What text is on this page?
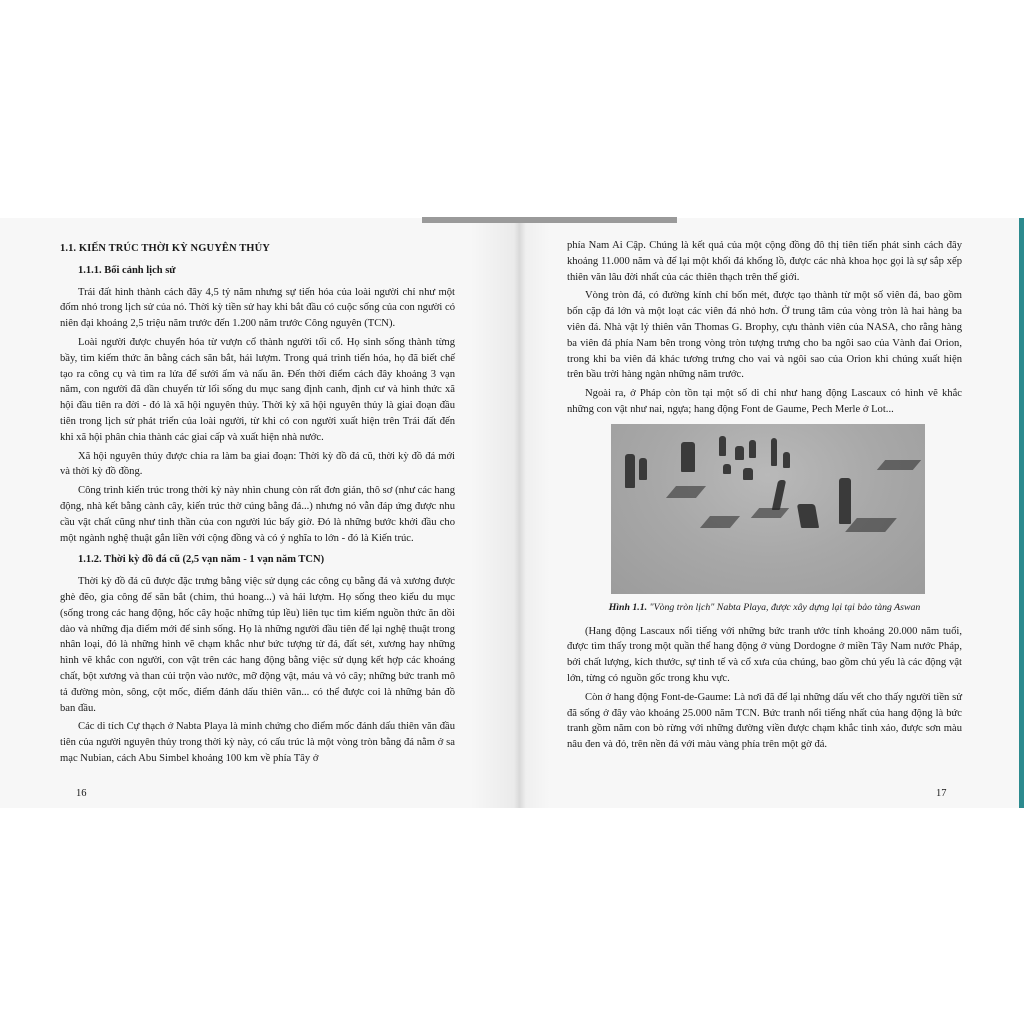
1.1. KIẾN TRÚC THỜI KỲ NGUYÊN THỦY
1.1.1. Bối cảnh lịch sử

Trái đất hình thành cách đây 4,5 tỷ năm nhưng sự tiến hóa của loài người chỉ như một đốm nhỏ trong lịch sử của nó. Thời kỳ tiền sử hay khi bắt đầu có cuộc sống của con người có niên đại khoảng 2,5 triệu năm trước đến 1.200 năm trước Công nguyên (TCN).

Loài người được chuyển hóa từ vượn cổ thành người tối cổ. Họ sinh sống thành từng bầy, tìm kiếm thức ăn bằng cách săn bắt, hái lượm. Trong quá trình tiến hóa, họ đã biết chế tạo ra công cụ và tìm ra lửa để sưởi ấm và nấu ăn. Đến thời điểm cách đây khoảng 3 vạn năm, con người đã dần chuyển từ lối sống du mục sang định canh, định cư và hình thức xã hội đầu tiên ra đời - đó là xã hội nguyên thủy. Thời kỳ xã hội nguyên thủy là giai đoạn đầu tiên trong lịch sử phát triển của loài người, từ khi có con người xuất hiện trên Trái đất đến khi xã hội phân chia thành các giai cấp và xuất hiện nhà nước.

Xã hội nguyên thủy được chia ra làm ba giai đoạn: Thời kỳ đồ đá cũ, thời kỳ đồ đá mới và thời kỳ đồ đồng.

Công trình kiến trúc trong thời kỳ này nhìn chung còn rất đơn giản, thô sơ (như các hang động, nhà kết bằng cành cây, kiến trúc thờ cúng bằng đá...) nhưng nó vẫn đáp ứng được nhu cầu vật chất cũng như tinh thần của con người lúc bấy giờ. Đó là những bước khởi đầu cho một ngành nghệ thuật gắn liền với cộng đồng và có ý nghĩa to lớn - đó là Kiến trúc.

1.1.2. Thời kỳ đồ đá cũ (2,5 vạn năm - 1 vạn năm TCN)

Thời kỳ đồ đá cũ được đặc trưng bằng việc sử dụng các công cụ bằng đá và xương được ghè đẽo, gia công để săn bắt (chim, thú hoang...) và hái lượm. Họ sống theo kiểu du mục (sống trong các hang động, hốc cây hoặc những túp lều) liên tục tìm kiếm nguồn thức ăn dồi dào và những địa điểm mới để sinh sống. Họ là những người đầu tiên để lại nghệ thuật trong nhân loại, đó là những hình vẽ chạm khắc như bức tượng từ đá, đất sét, xương hay những hình vẽ khắc con người, con vật trên các hang động bằng việc sử dụng kết hợp các khoáng chất, bột xương và than củi trộn vào nước, mỡ động vật, máu và vỏ cây; những bức tranh mô tả đường mòn, sông, cột mốc, điểm đánh dấu thiên văn... có thể được coi là những bản đồ ban đầu.

Các di tích Cự thạch ở Nabta Playa là minh chứng cho điểm mốc đánh dấu thiên văn đầu tiên của người nguyên thủy trong thời kỳ này, có cấu trúc là một vòng tròn bằng đá nằm ở sa mạc Nubian, cách Abu Simbel khoảng 100 km về phía Tây ở

16

phía Nam Ai Cập. Chúng là kết quả của một cộng đồng đô thị tiên tiến phát sinh cách đây khoảng 11.000 năm và để lại một khối đá khổng lồ, được các nhà khoa học gọi là sự sắp xếp thiên văn lâu đời nhất của các thiên thạch trên thế giới.

Vòng tròn đá, có đường kính chỉ bốn mét, được tạo thành từ một số viên đá, bao gồm bốn cặp đá lớn và một loạt các viên đá nhỏ hơn. Ở trung tâm của vòng tròn là hai hàng ba viên đá. Nhà vật lý thiên văn Thomas G. Brophy, cựu thành viên của NASA, cho rằng hàng ba viên đá phía Nam bên trong vòng tròn tượng trưng cho ba ngôi sao của Vành đai Orion, trong khi ba viên đá khác tương trưng cho vai và ngôi sao của Orion khi chúng xuất hiện trên bầu trời hàng ngàn những năm trước.

Ngoài ra, ở Pháp còn tồn tại một số di chỉ như hang động Lascaux có hình vẽ khắc những con vật như nai, ngựa; hang động Font de Gaume, Pech Merle ở Lot...

Hình 1.1. "Vòng tròn lịch" Nabta Playa, được xây dựng lại tại bảo tàng Aswan

(Hang động Lascaux nổi tiếng với những bức tranh ước tính khoảng 20.000 năm tuổi, được tìm thấy trong một quần thể hang động ở vùng Dordogne ở miền Tây Nam nước Pháp, bởi chất lượng, kích thước, sự tinh tế và cổ xưa của chúng, bao gồm chủ yếu là các động vật lớn, từng có nguồn gốc trong khu vực.

Còn ở hang động Font-de-Gaume: Là nơi đã để lại những dấu vết cho thấy người tiền sử đã sống ở đây vào khoảng 25.000 năm TCN. Bức tranh nổi tiếng nhất của hang động là bức tranh gồm năm con bò rừng với những đường viền được chạm khắc tinh xảo, được sơn màu nâu đen và đỏ, trên nền đá với màu vàng phía trên một gờ đá.

17
